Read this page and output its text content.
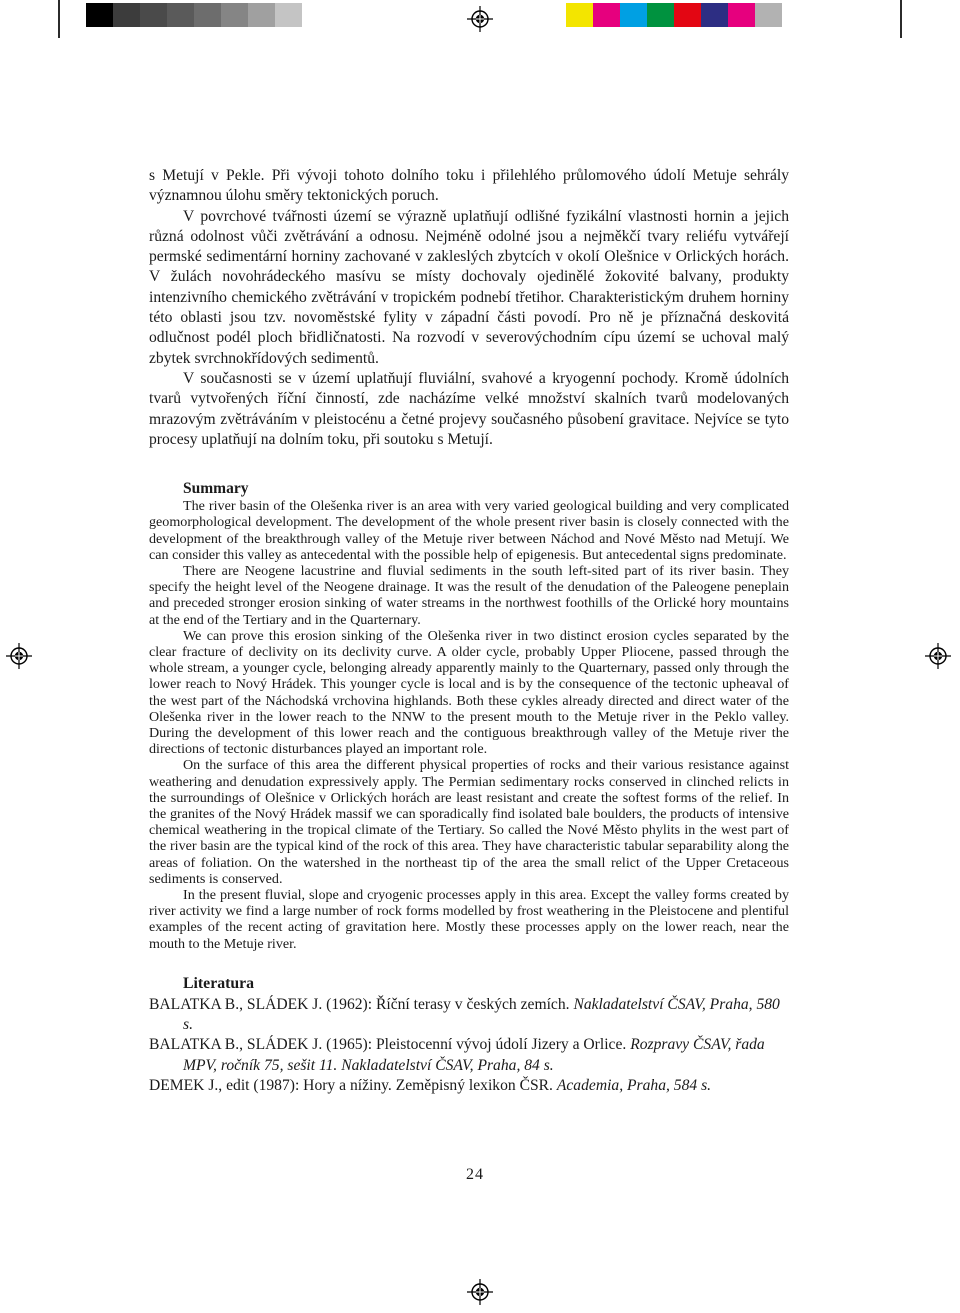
s Metují v Pekle. Při vývoji tohoto dolního toku i přilehlého průlomového údolí Metuje sehrály významnou úlohu směry tektonických poruch.

V povrchové tvářnosti území se výrazně uplatňují odlišné fyzikální vlastnosti hornin a jejich různá odolnost vůči zvětrávání a odnosu. Nejméně odolné jsou a nejměkčí tvary reliéfu vytvářejí permské sedimentární horniny zachované v zakleslých zbytcích v okolí Olešnice v Orlických horách. V žulách novohrádeckého masívu se místy dochovaly ojedinělé žokovité balvany, produkty intenzivního chemického zvětrávání v tropickém podnebí třetihor. Charakteristickým druhem horniny této oblasti jsou tzv. novoměstské fylity v západní části povodí. Pro ně je příznačná deskovitá odlučnost podél ploch břidličnatosti. Na rozvodí v severovýchodním cípu území se uchoval malý zbytek svrchnokřídových sedimentů.

V současnosti se v území uplatňují fluviální, svahové a kryogenní pochody. Kromě údolních tvarů vytvořených říční činností, zde nacházíme velké množství skalních tvarů modelovaných mrazovým zvětráváním v pleistocénu a četné projevy současného působení gravitace. Nejvíce se tyto procesy uplatňují na dolním toku, při soutoku s Metují.

Summary

The river basin of the Olešenka river is an area with very varied geological building and very complicated geomorphological development. The development of the whole present river basin is closely connected with the development of the breakthrough valley of the Metuje river between Náchod and Nové Město nad Metují. We can consider this valley as antecedental with the possible help of epigenesis. But antecedental signs predominate.

There are Neogene lacustrine and fluvial sediments in the south left-sited part of its river basin. They specify the height level of the Neogene drainage. It was the result of the denudation of the Paleogene peneplain and preceded stronger erosion sinking of water streams in the northwest foothills of the Orlické hory mountains at the end of the Tertiary and in the Quarternary.

We can prove this erosion sinking of the Olešenka river in two distinct erosion cycles separated by the clear fracture of declivity on its declivity curve. A older cycle, probably Upper Pliocene, passed through the whole stream, a younger cycle, belonging already apparently mainly to the Quarternary, passed only through the lower reach to Nový Hrádek. This younger cycle is local and is by the consequence of the tectonic upheaval of the west part of the Náchodská vrchovina highlands. Both these cykles already directed and direct water of the Olešenka river in the lower reach to the NNW to the present mouth to the Metuje river in the Peklo valley. During the development of this lower reach and the contiguous breakthrough valley of the Metuje river the directions of tectonic disturbances played an important role.

On the surface of this area the different physical properties of rocks and their various resistance against weathering and denudation expressively apply. The Permian sedimentary rocks conserved in clinched relicts in the surroundings of Olešnice v Orlických horách are least resistant and create the softest forms of the relief. In the granites of the Nový Hrádek massif we can sporadically find isolated bale boulders, the products of intensive chemical weathering in the tropical climate of the Tertiary. So called the Nové Město phylits in the west part of the river basin are the typical kind of the rock of this area. They have characteristic tabular separability along the areas of foliation. On the watershed in the northeast tip of the area the small relict of the Upper Cretaceous sediments is conserved.

In the present fluvial, slope and cryogenic processes apply in this area. Except the valley forms created by river activity we find a large number of rock forms modelled by frost weathering in the Pleistocene and plentiful examples of the recent acting of gravitation here. Mostly these processes apply on the lower reach, near the mouth to the Metuje river.

Literatura

BALATKA B., SLÁDEK J. (1962): Říční terasy v českých zemích. Nakladatelství ČSAV, Praha, 580 s.

BALATKA B., SLÁDEK J. (1965): Pleistocenní vývoj údolí Jizery a Orlice. Rozpravy ČSAV, řada MPV, ročník 75, sešit 11. Nakladatelství ČSAV, Praha, 84 s.

DEMEK J., edit (1987): Hory a nížiny. Zeměpisný lexikon ČSR. Academia, Praha, 584 s.

24
